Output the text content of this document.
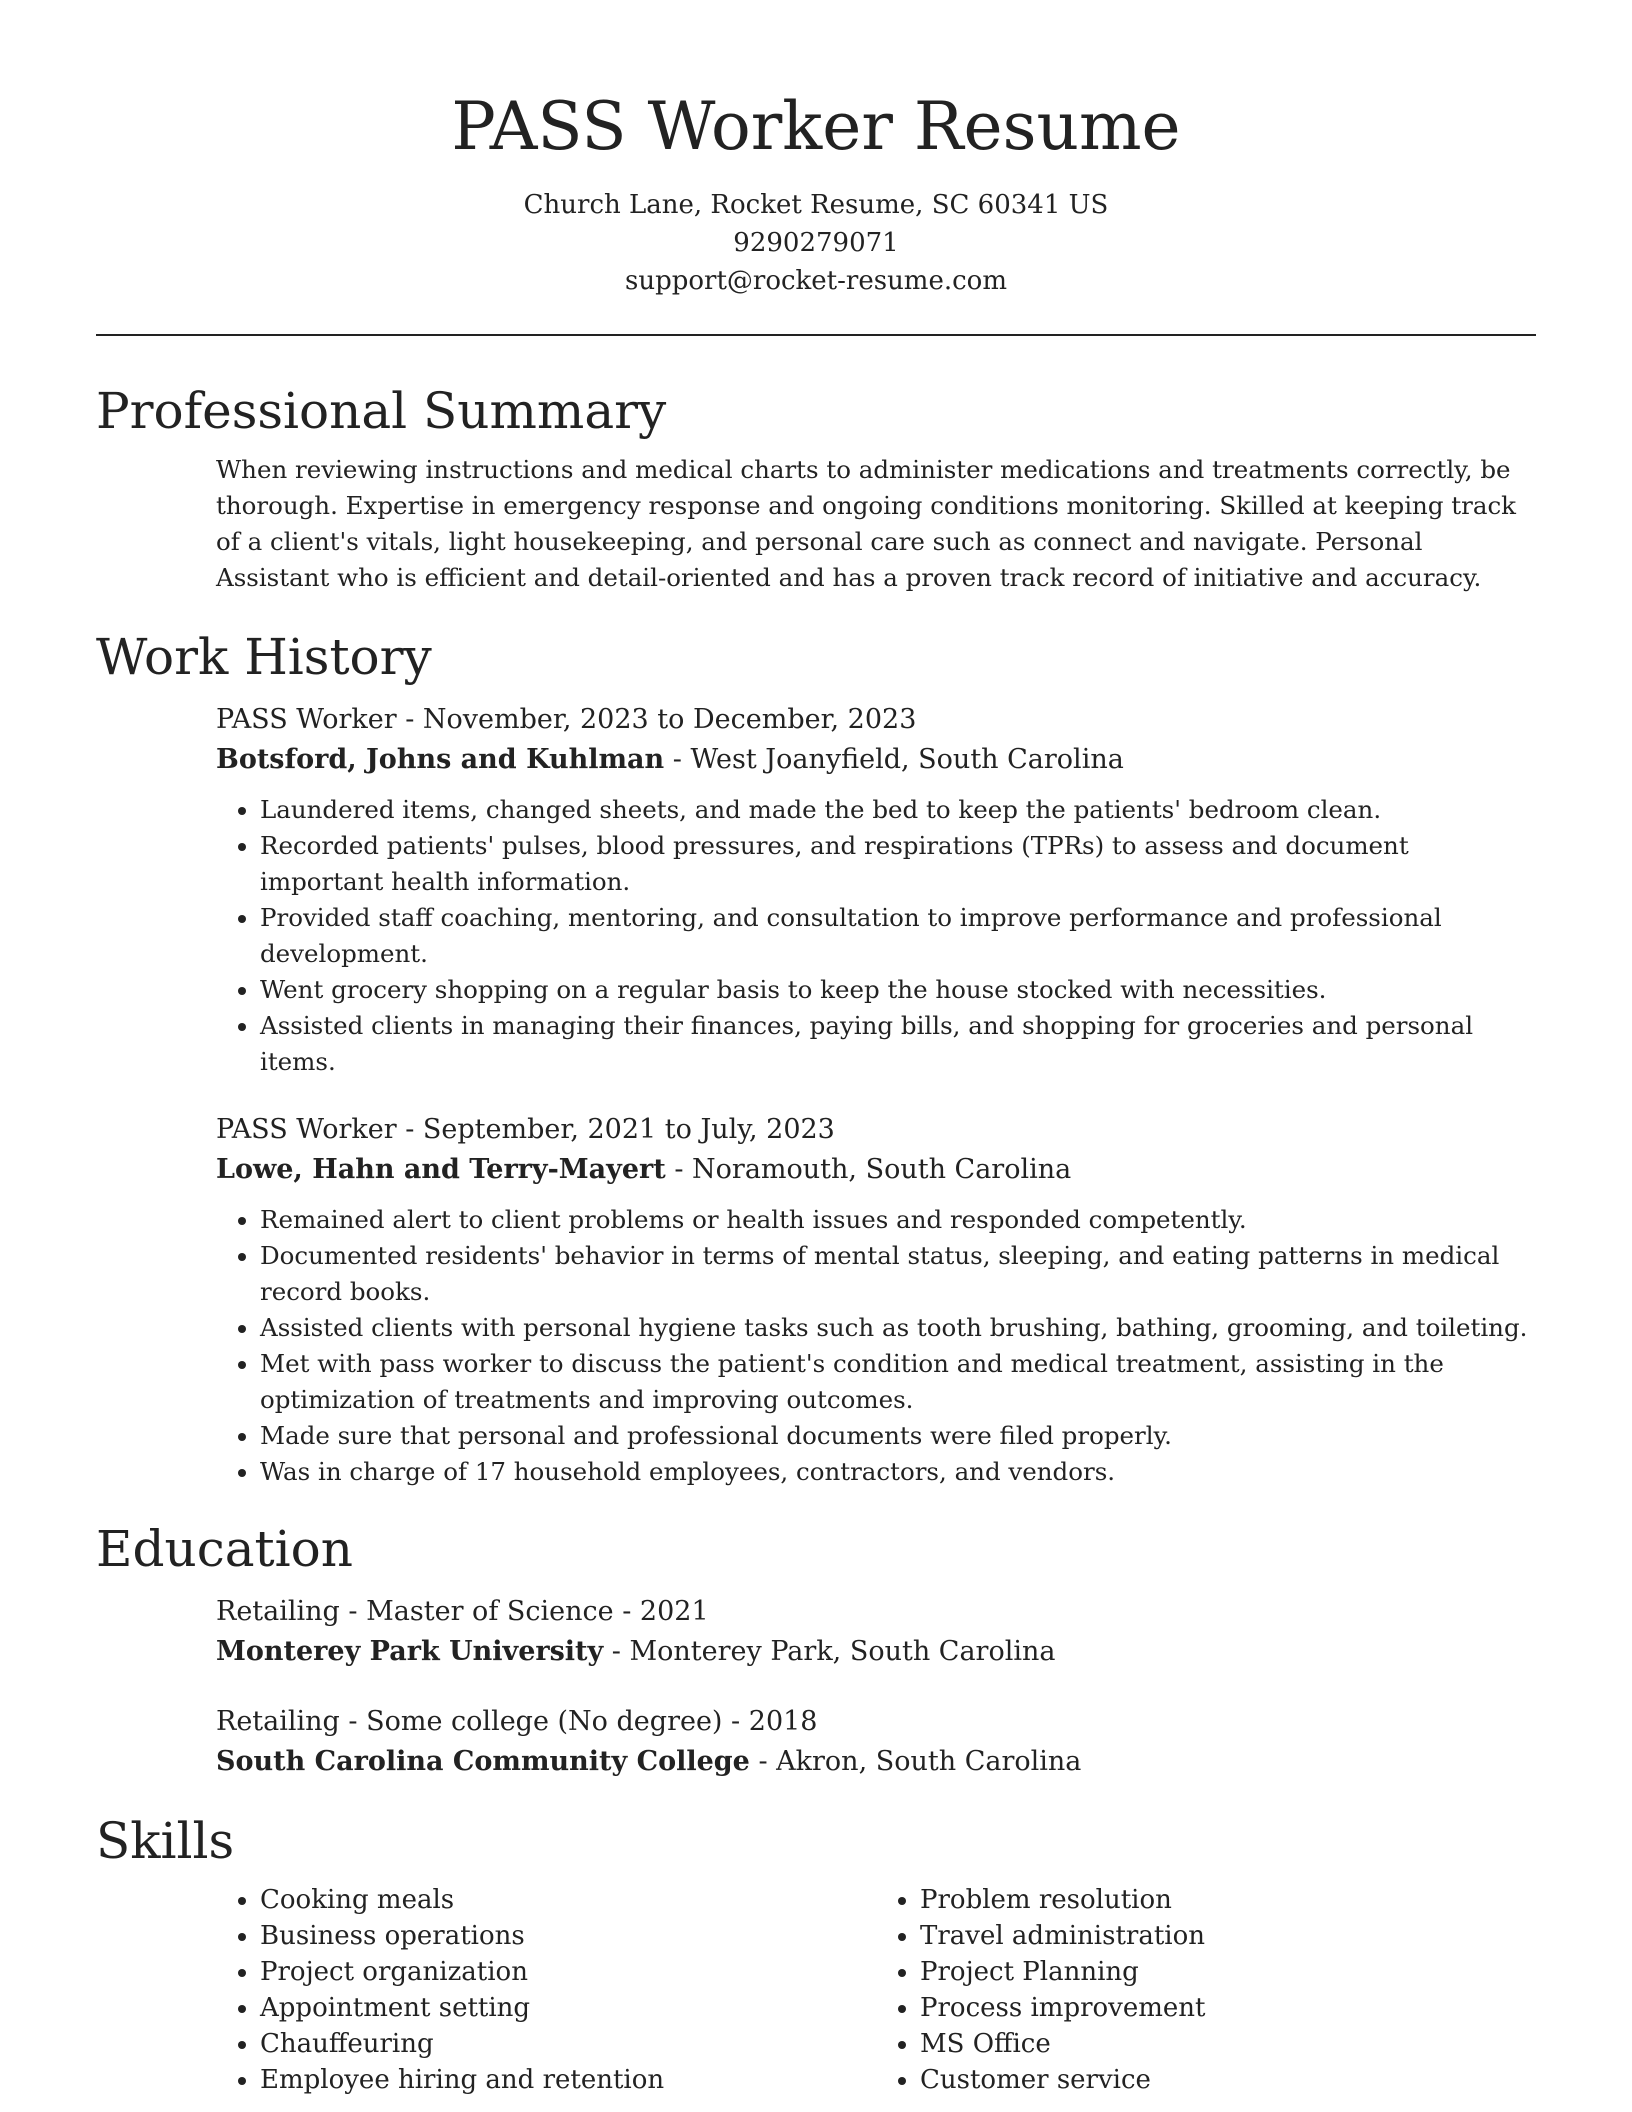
PASS Worker Resume

Church Lane, Rocket Resume, SC 60341 US

9290279071

support@rocket-resume.com

Professional Summary

When reviewing instructions and medical charts to administer medications and treatments correctly, be thorough. Expertise in emergency response and ongoing conditions monitoring. Skilled at keeping track of a client's vitals, light housekeeping, and personal care such as connect and navigate. Personal Assistant who is efficient and detail-oriented and has a proven track record of initiative and accuracy.

Work History

PASS Worker - November, 2023 to December, 2023

Botsford, Johns and Kuhlman - West Joanyfield, South Carolina

• Laundered items, changed sheets, and made the bed to keep the patients' bedroom clean.
• Recorded patients' pulses, blood pressures, and respirations (TPRs) to assess and document important health information.
• Provided staff coaching, mentoring, and consultation to improve performance and professional development.
• Went grocery shopping on a regular basis to keep the house stocked with necessities.
• Assisted clients in managing their finances, paying bills, and shopping for groceries and personal items.

PASS Worker - September, 2021 to July, 2023

Lowe, Hahn and Terry-Mayert - Noramouth, South Carolina

• Remained alert to client problems or health issues and responded competently.
• Documented residents' behavior in terms of mental status, sleeping, and eating patterns in medical record books.
• Assisted clients with personal hygiene tasks such as tooth brushing, bathing, grooming, and toileting.
• Met with pass worker to discuss the patient's condition and medical treatment, assisting in the optimization of treatments and improving outcomes.
• Made sure that personal and professional documents were filed properly.
• Was in charge of 17 household employees, contractors, and vendors.
Education

Retailing - Master of Science - 2021

Monterey Park University - Monterey Park, South Carolina

Retailing - Some college (No degree) - 2018

South Carolina Community College - Akron, South Carolina

Skills
• Cooking meals
• Business operations
• Project organization
• Appointment setting
• Chauffeuring
• Employee hiring and retention
• Problem resolution
• Travel administration
• Project Planning
• Process improvement
• MS Office
• Customer service
